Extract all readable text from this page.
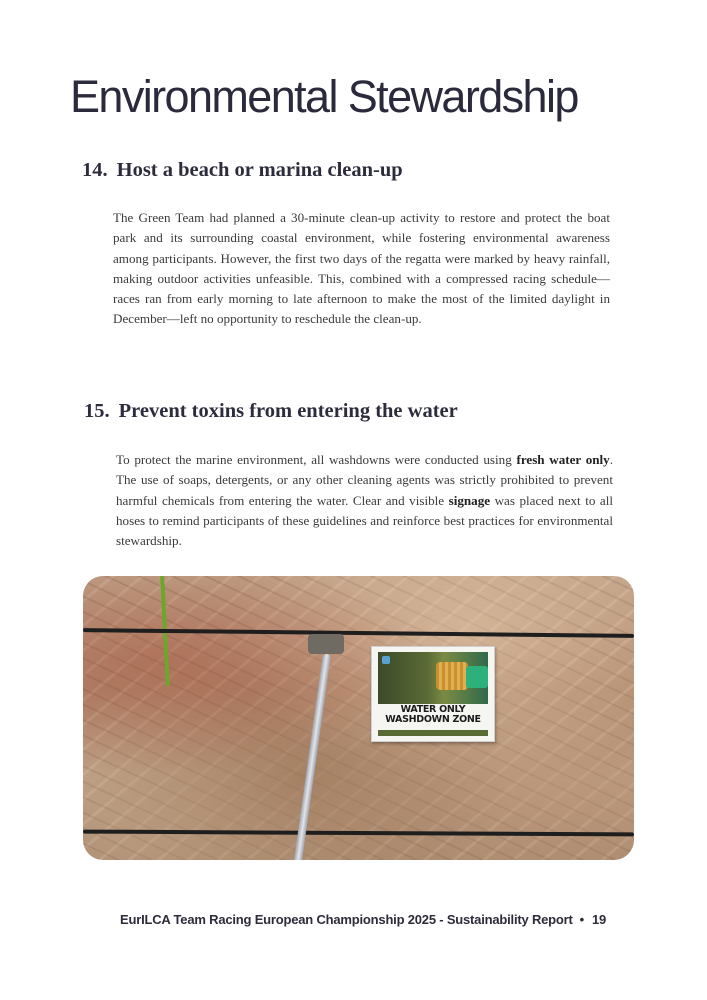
Environmental Stewardship
14. Host a beach or marina clean-up

The Green Team had planned a 30-minute clean-up activity to restore and protect the boat park and its surrounding coastal environment, while fostering environmental awareness among participants. However, the first two days of the regatta were marked by heavy rainfall, making outdoor activities unfeasible. This, combined with a compressed racing schedule—races ran from early morning to late afternoon to make the most of the limited daylight in December—left no opportunity to reschedule the clean-up.

15. Prevent toxins from entering the water

To protect the marine environment, all washdowns were conducted using fresh water only. The use of soaps, detergents, or any other cleaning agents was strictly prohibited to prevent harmful chemicals from entering the water. Clear and visible signage was placed next to all hoses to remind participants of these guidelines and reinforce best practices for environmental stewardship.

WATER ONLY WASHDOWN ZONE
EurILCA Team Racing European Championship 2025 - Sustainability Report • 19
